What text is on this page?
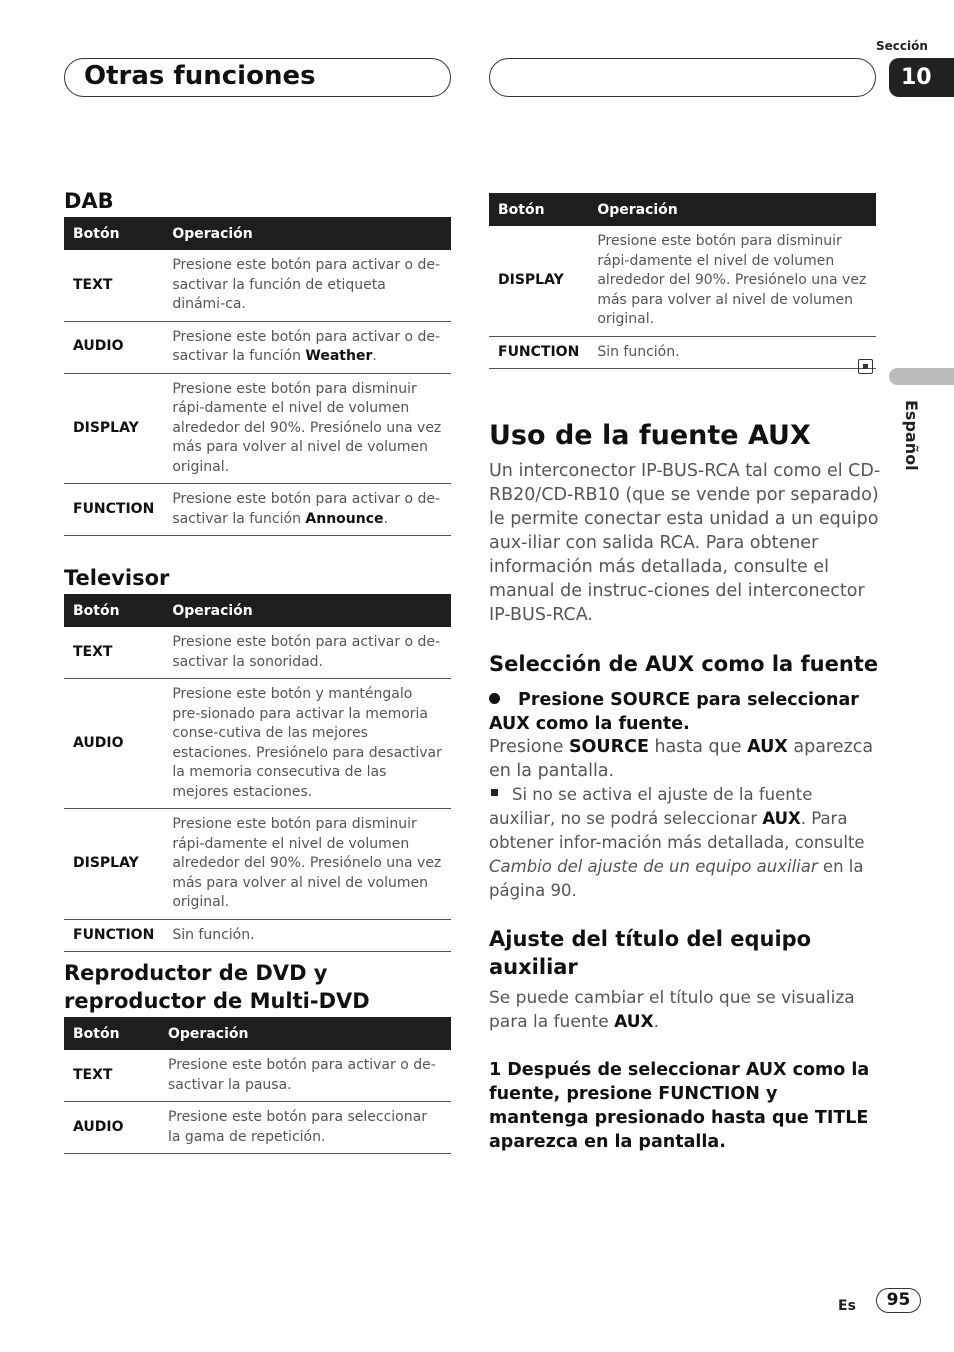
Otras funciones
Sección
10
Español
DAB
Botón	Operación
TEXT	Presione este botón para activar o de-sactivar la función de etiqueta dinámi-ca.
AUDIO	Presione este botón para activar o de-sactivar la función Weather.
DISPLAY	Presione este botón para disminuir rápi-damente el nivel de volumen alrededor del 90%. Presiónelo una vez más para volver al nivel de volumen original.
FUNCTION	Presione este botón para activar o de-sactivar la función Announce.
Televisor
Botón	Operación
TEXT	Presione este botón para activar o de-sactivar la sonoridad.
AUDIO	Presione este botón y manténgalo pre-sionado para activar la memoria conse-cutiva de las mejores estaciones. Presiónelo para desactivar la memoria consecutiva de las mejores estaciones.
DISPLAY	Presione este botón para disminuir rápi-damente el nivel de volumen alrededor del 90%. Presiónelo una vez más para volver al nivel de volumen original.
FUNCTION	Sin función.
Reproductor de DVD y
reproductor de Multi-DVD
Botón	Operación
TEXT	Presione este botón para activar o de-sactivar la pausa.
AUDIO	Presione este botón para seleccionar la gama de repetición.
Botón	Operación
DISPLAY	Presione este botón para disminuir rápi-damente el nivel de volumen alrededor del 90%. Presiónelo una vez más para volver al nivel de volumen original.
FUNCTION	Sin función.
Uso de la fuente AUX
Un interconector IP-BUS-RCA tal como el CD-RB20/CD-RB10 (que se vende por separado) le permite conectar esta unidad a un equipo aux-iliar con salida RCA. Para obtener información más detallada, consulte el manual de instruc-ciones del interconector IP-BUS-RCA.
Selección de AUX como la fuente
Presione SOURCE para seleccionar AUX como la fuente.
Presione SOURCE hasta que AUX aparezca en la pantalla.
Si no se activa el ajuste de la fuente auxiliar, no se podrá seleccionar AUX. Para obtener infor-mación más detallada, consulte Cambio del ajuste de un equipo auxiliar en la página 90.
Ajuste del título del equipo
auxiliar
Se puede cambiar el título que se visualiza para la fuente AUX.
1 Después de seleccionar AUX como la fuente, presione FUNCTION y mantenga presionado hasta que TITLE aparezca en la pantalla.
Es	95
